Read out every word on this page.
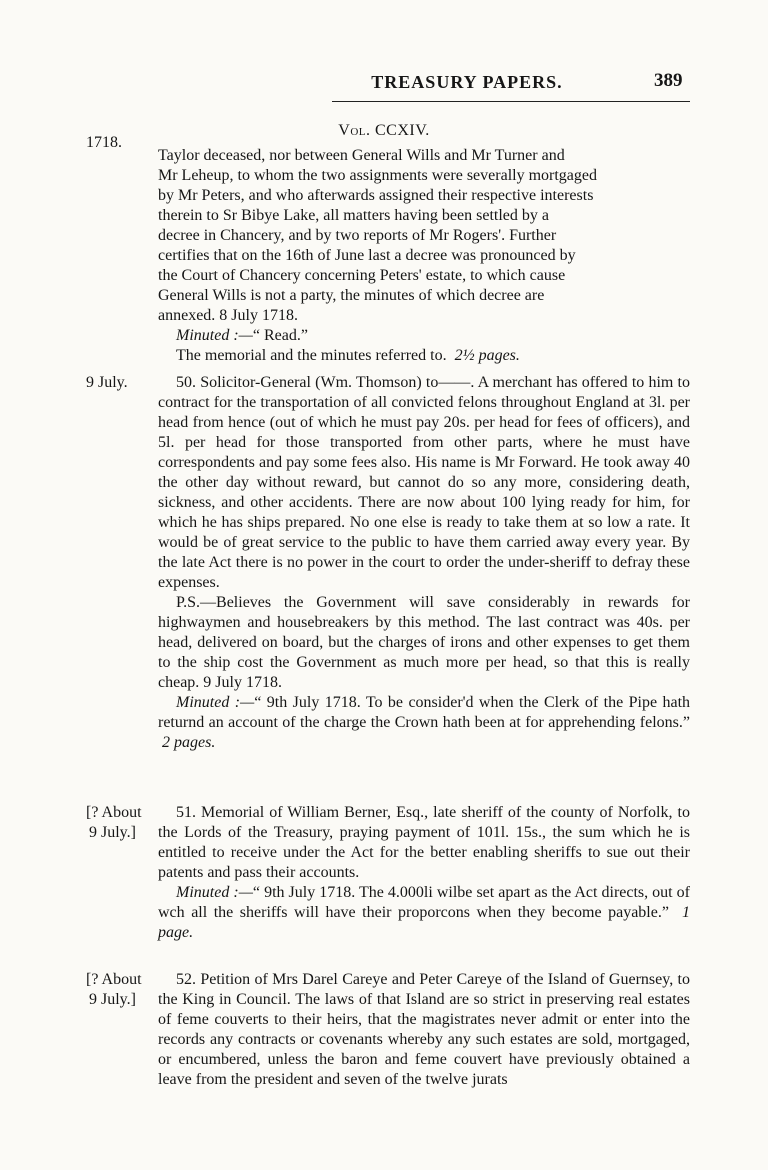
TREASURY PAPERS.	389
1718.
Vol. CCXIV.

Taylor deceased, nor between General Wills and Mr Turner and

Mr Leheup, to whom the two assignments were severally mortgaged

by Mr Peters, and who afterwards assigned their respective interests

therein to Sr Bibye Lake, all matters having been settled by a

decree in Chancery, and by two reports of Mr Rogers'. Further

certifies that on the 16th of June last a decree was pronounced by

the Court of Chancery concerning Peters' estate, to which cause

General Wills is not a party, the minutes of which decree are

annexed. 8 July 1718.

Minuted :—“ Read.”

The memorial and the minutes referred to. 2½ pages.

9 July.	50. Solicitor-General (Wm. Thomson) to——. A merchant has offered to him to contract for the transportation of all convicted felons throughout England at 3l. per head from hence (out of which he must pay 20s. per head for fees of officers), and 5l. per head for those transported from other parts, where he must have correspondents and pay some fees also. His name is Mr Forward. He took away 40 the other day without reward, but cannot do so any more, considering death, sickness, and other accidents. There are now about 100 lying ready for him, for which he has ships prepared. No one else is ready to take them at so low a rate. It would be of great service to the public to have them carried away every year. By the late Act there is no power in the court to order the under-sheriff to defray these expenses.

P.S.—Believes the Government will save considerably in rewards for highwaymen and housebreakers by this method. The last contract was 40s. per head, delivered on board, but the charges of irons and other expenses to get them to the ship cost the Government as much more per head, so that this is really cheap. 9 July 1718.

Minuted :—“ 9th July 1718. To be consider'd when the Clerk of the Pipe hath returnd an account of the charge the Crown hath been at for apprehending felons.”  2 pages.

[? About
9 July.]

51. Memorial of William Berner, Esq., late sheriff of the county of Norfolk, to the Lords of the Treasury, praying payment of 101l. 15s., the sum which he is entitled to receive under the Act for the better enabling sheriffs to sue out their patents and pass their accounts.

Minuted :—“ 9th July 1718. The 4.000li wilbe set apart as the Act directs, out of wch all the sheriffs will have their proporcons when they become payable.” 1 page.

[? About
9 July.]

52. Petition of Mrs Darel Careye and Peter Careye of the Island of Guernsey, to the King in Council. The laws of that Island are so strict in preserving real estates of feme couverts to their heirs, that the magistrates never admit or enter into the records any contracts or covenants whereby any such estates are sold, mortgaged, or encumbered, unless the baron and feme couvert have previously obtained a leave from the president and seven of the twelve jurats
